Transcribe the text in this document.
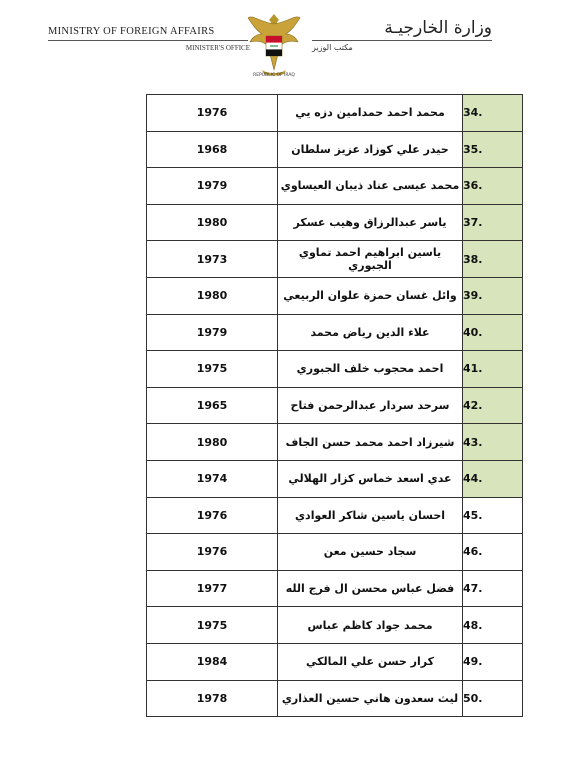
MINISTRY OF FOREIGN AFFAIRS
MINISTER'S OFFICE
REPUBLIC OF IRAQ
وزارة الخارجيـة
مكتب الوزير
1976	محمد احمد حمدامين دزه يي	34.
1968	حيدر علي كوزاد عزيز سلطان	35.
1979	محمد عيسى عناد ذيبان العيساوي	36.
1980	ياسر عبدالرزاق وهيب عسكر	37.
1973	ياسين ابراهيم احمد تماوي الجبوري	38.
1980	وائل غسان حمزة علوان الربيعي	39.
1979	علاء الدين رياض محمد	40.
1975	احمد محجوب خلف الجبوري	41.
1965	سرحد سردار عبدالرحمن فتاح	42.
1980	شيرزاد احمد محمد حسن الجاف	43.
1974	عدي اسعد خماس كزار الهلالي	44.
1976	احسان ياسين شاكر العوادي	45.
1976	سجاد حسين معن	46.
1977	فضل عباس محسن ال فرج الله	47.
1975	محمد جواد كاظم عباس	48.
1984	كرار حسن علي المالكي	49.
1978	ليث سعدون هاني حسين العذاري	50.
